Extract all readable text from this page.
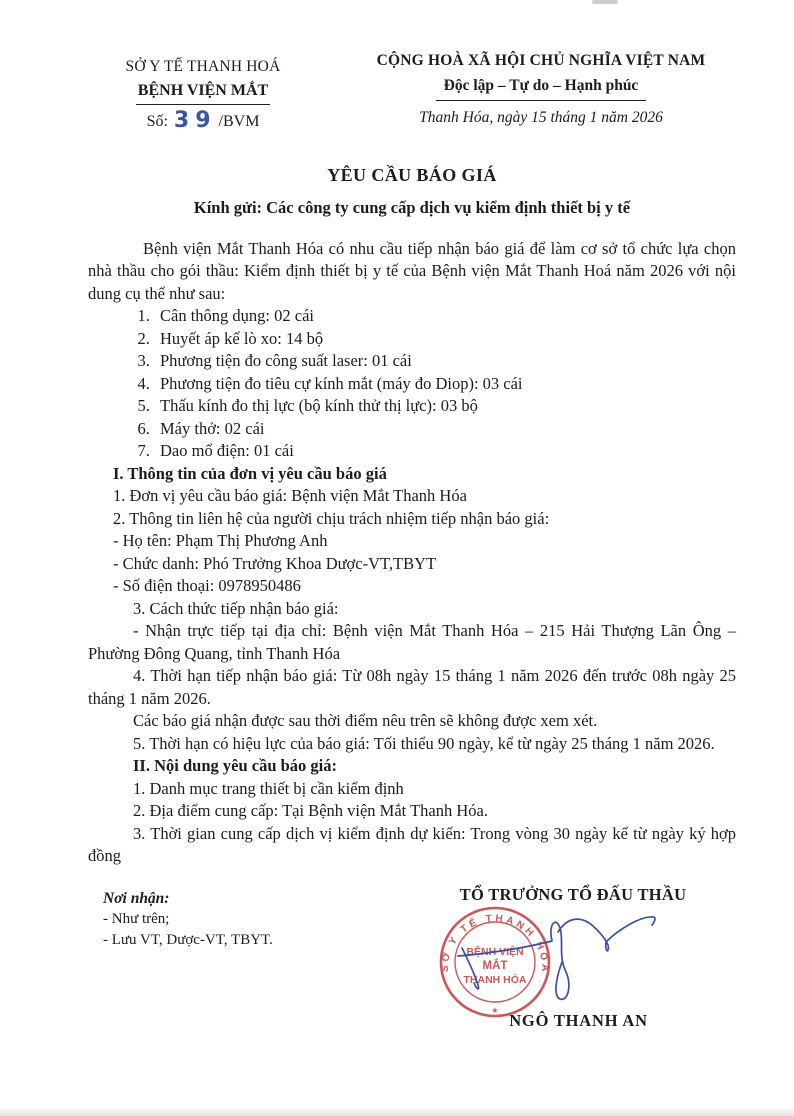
SỞ Y TẾ THANH HOÁ
BỆNH VIỆN MẮT
Số: 39 /BVM
CỘNG HOÀ XÃ HỘI CHỦ NGHĨA VIỆT NAM
Độc lập – Tự do – Hạnh phúc
Thanh Hóa, ngày 15 tháng 1 năm 2026
YÊU CẦU BÁO GIÁ
Kính gửi: Các công ty cung cấp dịch vụ kiểm định thiết bị y tế

Bệnh viện Mắt Thanh Hóa có nhu cầu tiếp nhận báo giá để làm cơ sở tổ chức lựa chọn nhà thầu cho gói thầu: Kiểm định thiết bị y tế của Bệnh viện Mắt Thanh Hoá năm 2026 với nội dung cụ thể như sau:

1. Cân thông dụng: 02 cái
2. Huyết áp kế lò xo: 14 bộ
3. Phương tiện đo công suất laser: 01 cái
4. Phương tiện đo tiêu cự kính mắt (máy đo Diop): 03 cái
5. Thấu kính đo thị lực (bộ kính thử thị lực): 03 bộ
6. Máy thở: 02 cái
7. Dao mổ điện: 01 cái

I. Thông tin của đơn vị yêu cầu báo giá

1. Đơn vị yêu cầu báo giá: Bệnh viện Mắt Thanh Hóa

2. Thông tin liên hệ của người chịu trách nhiệm tiếp nhận báo giá:

- Họ tên: Phạm Thị Phương Anh

- Chức danh: Phó Trưởng Khoa Dược-VT,TBYT

- Số điện thoại: 0978950486

3. Cách thức tiếp nhận báo giá:

- Nhận trực tiếp tại địa chỉ: Bệnh viện Mắt Thanh Hóa – 215 Hải Thượng Lãn Ông – Phường Đông Quang, tỉnh Thanh Hóa

4. Thời hạn tiếp nhận báo giá: Từ 08h ngày 15 tháng 1 năm 2026 đến trước 08h ngày 25 tháng 1 năm 2026.

Các báo giá nhận được sau thời điểm nêu trên sẽ không được xem xét.

5. Thời hạn có hiệu lực của báo giá: Tối thiểu 90 ngày, kể từ ngày 25 tháng 1 năm 2026.

II. Nội dung yêu cầu báo giá:

1. Danh mục trang thiết bị cần kiểm định

2. Địa điểm cung cấp: Tại Bệnh viện Mắt Thanh Hóa.

3. Thời gian cung cấp dịch vị kiểm định dự kiến: Trong vòng 30 ngày kể từ ngày ký hợp đồng

Nơi nhận:
- Như trên;
- Lưu VT, Dược-VT, TBYT.
TỔ TRƯỞNG TỔ ĐẤU THẦU
SỞ Y TẾ THANH HÓA
★
BỆNH VIỆN
MẮT
THANH HÓA
NGÔ THANH AN
